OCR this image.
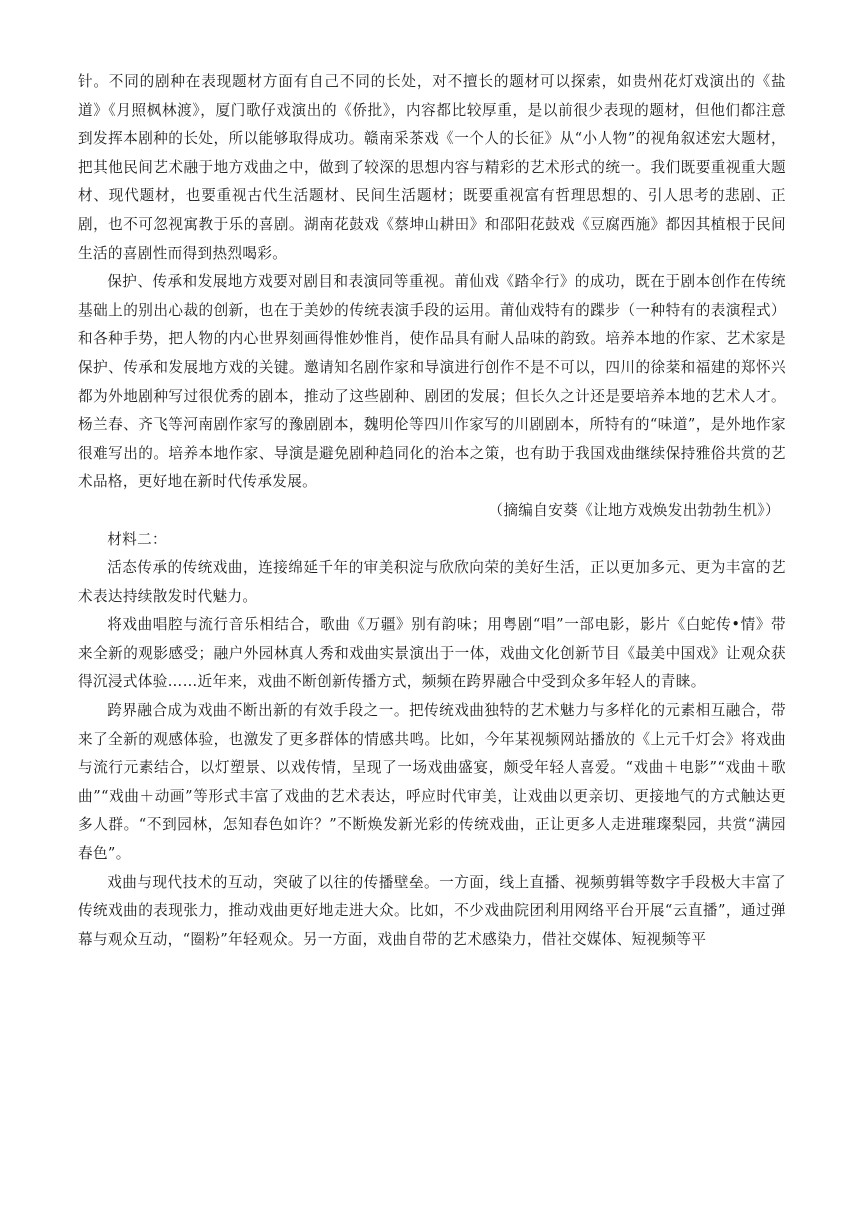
针。不同的剧种在表现题材方面有自己不同的长处，对不擅长的题材可以探索，如贵州花灯戏演出的《盐道》《月照枫林渡》，厦门歌仔戏演出的《侨批》，内容都比较厚重，是以前很少表现的题材，但他们都注意到发挥本剧种的长处，所以能够取得成功。赣南采茶戏《一个人的长征》从“小人物”的视角叙述宏大题材，把其他民间艺术融于地方戏曲之中，做到了较深的思想内容与精彩的艺术形式的统一。我们既要重视重大题材、现代题材，也要重视古代生活题材、民间生活题材；既要重视富有哲理思想的、引人思考的悲剧、正剧，也不可忽视寓教于乐的喜剧。湖南花鼓戏《蔡坤山耕田》和邵阳花鼓戏《豆腐西施》都因其植根于民间生活的喜剧性而得到热烈喝彩。

保护、传承和发展地方戏要对剧目和表演同等重视。莆仙戏《踏伞行》的成功，既在于剧本创作在传统基础上的别出心裁的创新，也在于美妙的传统表演手段的运用。莆仙戏特有的蹀步（一种特有的表演程式）和各种手势，把人物的内心世界刻画得惟妙惟肖，使作品具有耐人品味的韵致。培养本地的作家、艺术家是保护、传承和发展地方戏的关键。邀请知名剧作家和导演进行创作不是不可以，四川的徐棻和福建的郑怀兴都为外地剧种写过很优秀的剧本，推动了这些剧种、剧团的发展；但长久之计还是要培养本地的艺术人才。杨兰春、齐飞等河南剧作家写的豫剧剧本，魏明伦等四川作家写的川剧剧本，所特有的“味道”，是外地作家很难写出的。培养本地作家、导演是避免剧种趋同化的治本之策，也有助于我国戏曲继续保持雅俗共赏的艺术品格，更好地在新时代传承发展。

（摘编自安葵《让地方戏焕发出勃勃生机》）

材料二：

活态传承的传统戏曲，连接绵延千年的审美积淀与欣欣向荣的美好生活，正以更加多元、更为丰富的艺术表达持续散发时代魅力。

将戏曲唱腔与流行音乐相结合，歌曲《万疆》别有韵味；用粤剧“唱”一部电影，影片《白蛇传•情》带来全新的观影感受；融户外园林真人秀和戏曲实景演出于一体，戏曲文化创新节目《最美中国戏》让观众获得沉浸式体验……近年来，戏曲不断创新传播方式，频频在跨界融合中受到众多年轻人的青睐。

跨界融合成为戏曲不断出新的有效手段之一。把传统戏曲独特的艺术魅力与多样化的元素相互融合，带来了全新的观感体验，也激发了更多群体的情感共鸣。比如，今年某视频网站播放的《上元千灯会》将戏曲与流行元素结合，以灯塑景、以戏传情，呈现了一场戏曲盛宴，颇受年轻人喜爱。“戏曲＋电影”“戏曲＋歌曲”“戏曲＋动画”等形式丰富了戏曲的艺术表达，呼应时代审美，让戏曲以更亲切、更接地气的方式触达更多人群。“不到园林，怎知春色如许？”不断焕发新光彩的传统戏曲，正让更多人走进璀璨梨园，共赏“满园春色”。

戏曲与现代技术的互动，突破了以往的传播壁垒。一方面，线上直播、视频剪辑等数字手段极大丰富了传统戏曲的表现张力，推动戏曲更好地走进大众。比如，不少戏曲院团利用网络平台开展“云直播”，通过弹幕与观众互动，“圈粉”年轻观众。另一方面，戏曲自带的艺术感染力，借社交媒体、短视频等平
